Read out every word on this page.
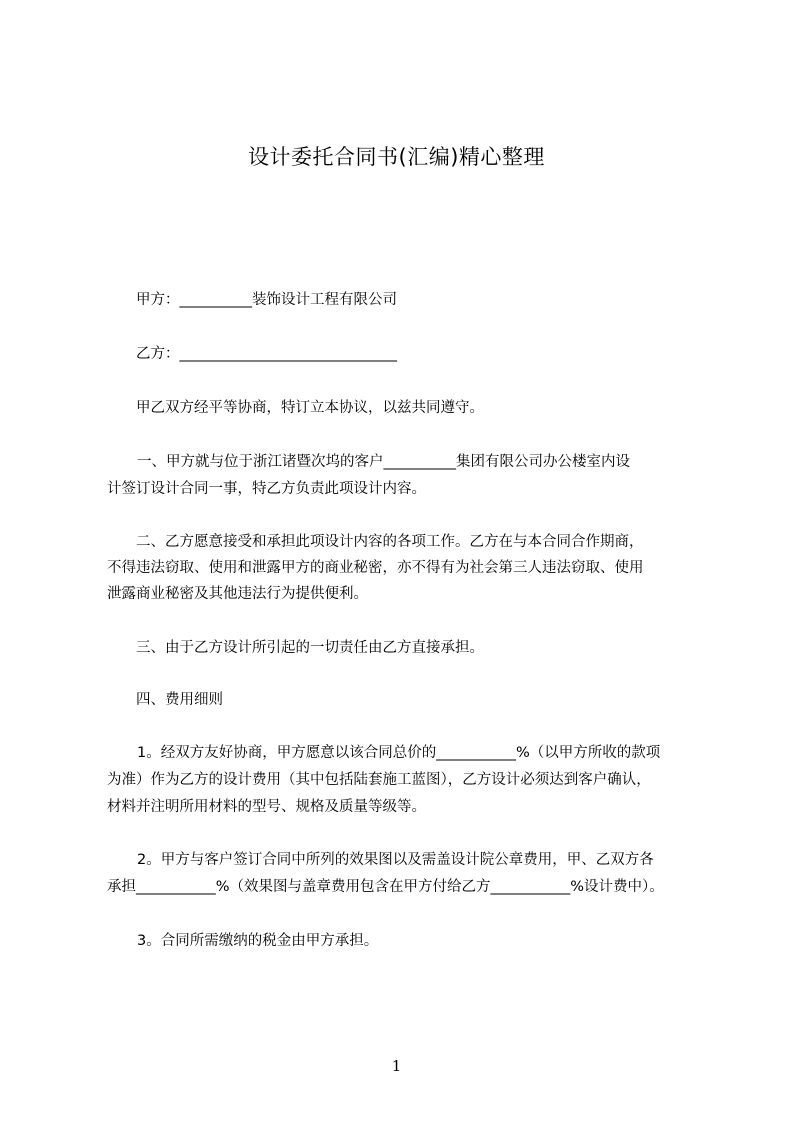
设计委托合同书(汇编)精心整理
甲方：__________装饰设计工程有限公司
乙方：______________________________
甲乙双方经平等协商，特订立本协议，以兹共同遵守。
一、甲方就与位于浙江诸暨次坞的客户__________集团有限公司办公楼室内设
计签订设计合同一事，特乙方负责此项设计内容。
二、乙方愿意接受和承担此项设计内容的各项工作。乙方在与本合同合作期商，
不得违法窃取、使用和泄露甲方的商业秘密，亦不得有为社会第三人违法窃取、使用
泄露商业秘密及其他违法行为提供便利。
三、由于乙方设计所引起的一切责任由乙方直接承担。
四、费用细则
1。经双方友好协商，甲方愿意以该合同总价的___________%（以甲方所收的款项
为准）作为乙方的设计费用（其中包括陆套施工蓝图），乙方设计必须达到客户确认，
材料并注明所用材料的型号、规格及质量等级等。
2。甲方与客户签订合同中所列的效果图以及需盖设计院公章费用，甲、乙双方各
承担___________%（效果图与盖章费用包含在甲方付给乙方___________%设计费中）。
3。合同所需缴纳的税金由甲方承担。
1
